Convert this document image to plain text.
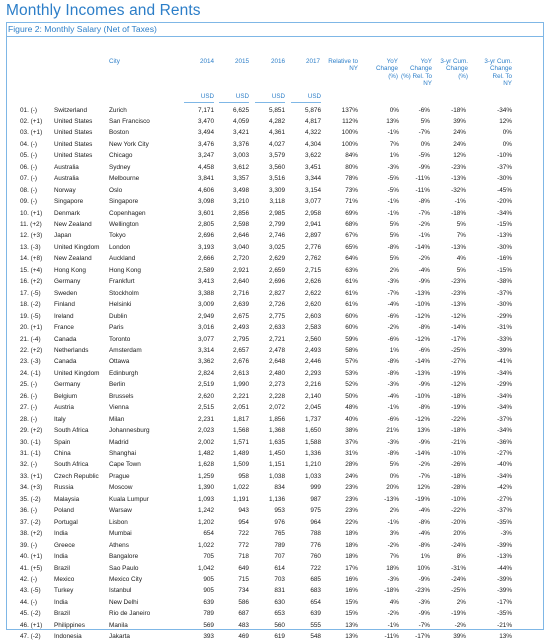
Monthly Incomes and Rents
Figure 2: Monthly Salary (Net of Taxes)
City	2014	2015	2016	2017	Relative to
NY
YoY
Change
(%)
YoY
Change
(%) Rel. To
NY
3-yr Cum.
Change
(%)
3-yr Cum.
Change
Rel. To
NY
USD	USD	USD	USD
01. (-)	Switzerland	Zurich	7,171	6,625	5,851	5,876	137%	0%	-6%	-18%	-34%
02. (+1)	United States	San Francisco	3,470	4,059	4,282	4,817	112%	13%	5%	39%	12%
03. (+1)	United States	Boston	3,494	3,421	4,361	4,322	100%	-1%	-7%	24%	0%
04. (-)	United States	New York City	3,476	3,376	4,027	4,304	100%	7%	0%	24%	0%
05. (-)	United States	Chicago	3,247	3,003	3,579	3,622	84%	1%	-5%	12%	-10%
06. (-)	Australia	Sydney	4,458	3,612	3,560	3,451	80%	-3%	-9%	-23%	-37%
07. (-)	Australia	Melbourne	3,841	3,357	3,516	3,344	78%	-5%	-11%	-13%	-30%
08. (-)	Norway	Oslo	4,606	3,498	3,309	3,154	73%	-5%	-11%	-32%	-45%
09. (-)	Singapore	Singapore	3,098	3,210	3,118	3,077	71%	-1%	-8%	-1%	-20%
10. (+1)	Denmark	Copenhagen	3,601	2,856	2,985	2,958	69%	-1%	-7%	-18%	-34%
11. (+2)	New Zealand	Wellington	2,805	2,598	2,799	2,941	68%	5%	-2%	5%	-15%
12. (+3)	Japan	Tokyo	2,696	2,646	2,746	2,897	67%	5%	-1%	7%	-13%
13. (-3)	United Kingdom	London	3,193	3,040	3,025	2,776	65%	-8%	-14%	-13%	-30%
14. (+8)	New Zealand	Auckland	2,666	2,720	2,629	2,762	64%	5%	-2%	4%	-16%
15. (+4)	Hong Kong	Hong Kong	2,589	2,921	2,659	2,715	63%	2%	-4%	5%	-15%
16. (+2)	Germany	Frankfurt	3,413	2,640	2,696	2,626	61%	-3%	-9%	-23%	-38%
17. (-5)	Sweden	Stockholm	3,388	2,716	2,827	2,622	61%	-7%	-13%	-23%	-37%
18. (-2)	Finland	Helsinki	3,009	2,639	2,726	2,620	61%	-4%	-10%	-13%	-30%
19. (-5)	Ireland	Dublin	2,949	2,675	2,775	2,603	60%	-6%	-12%	-12%	-29%
20. (+1)	France	Paris	3,016	2,493	2,633	2,583	60%	-2%	-8%	-14%	-31%
21. (-4)	Canada	Toronto	3,077	2,795	2,721	2,560	59%	-6%	-12%	-17%	-33%
22. (+2)	Netherlands	Amsterdam	3,314	2,657	2,478	2,493	58%	1%	-6%	-25%	-39%
23. (-3)	Canada	Ottawa	3,362	2,676	2,648	2,446	57%	-8%	-14%	-27%	-41%
24. (-1)	United Kingdom	Edinburgh	2,824	2,613	2,480	2,293	53%	-8%	-13%	-19%	-34%
25. (-)	Germany	Berlin	2,519	1,990	2,273	2,216	52%	-3%	-9%	-12%	-29%
26. (-)	Belgium	Brussels	2,620	2,221	2,228	2,140	50%	-4%	-10%	-18%	-34%
27. (-)	Austria	Vienna	2,515	2,051	2,072	2,045	48%	-1%	-8%	-19%	-34%
28. (-)	Italy	Milan	2,231	1,817	1,856	1,737	40%	-6%	-12%	-22%	-37%
29. (+2)	South Africa	Johannesburg	2,023	1,568	1,368	1,650	38%	21%	13%	-18%	-34%
30. (-1)	Spain	Madrid	2,002	1,571	1,635	1,588	37%	-3%	-9%	-21%	-36%
31. (-1)	China	Shanghai	1,482	1,489	1,450	1,336	31%	-8%	-14%	-10%	-27%
32. (-)	South Africa	Cape Town	1,628	1,509	1,151	1,210	28%	5%	-2%	-26%	-40%
33. (+1)	Czech Republic	Prague	1,259	958	1,038	1,033	24%	0%	-7%	-18%	-34%
34. (+3)	Russia	Moscow	1,390	1,022	834	999	23%	20%	12%	-28%	-42%
35. (-2)	Malaysia	Kuala Lumpur	1,093	1,191	1,136	987	23%	-13%	-19%	-10%	-27%
36. (-)	Poland	Warsaw	1,242	943	953	975	23%	2%	-4%	-22%	-37%
37. (-2)	Portugal	Lisbon	1,202	954	976	964	22%	-1%	-8%	-20%	-35%
38. (+2)	India	Mumbai	654	722	765	788	18%	3%	-4%	20%	-3%
39. (-)	Greece	Athens	1,022	772	789	776	18%	-2%	-8%	-24%	-39%
40. (+1)	India	Bangalore	705	718	707	760	18%	7%	1%	8%	-13%
41. (+5)	Brazil	Sao Paulo	1,042	649	614	722	17%	18%	10%	-31%	-44%
42. (-)	Mexico	Mexico City	905	715	703	685	16%	-3%	-9%	-24%	-39%
43. (-5)	Turkey	Istanbul	905	734	831	683	16%	-18%	-23%	-25%	-39%
44. (-)	India	New Delhi	639	586	630	654	15%	4%	-3%	2%	-17%
45. (-2)	Brazil	Rio de Janeiro	789	687	653	639	15%	-2%	-9%	-19%	-35%
46. (+1)	Philippines	Manila	569	483	560	555	13%	-1%	-7%	-2%	-21%
47. (-2)	Indonesia	Jakarta	393	469	619	548	13%	-11%	-17%	39%	13%
